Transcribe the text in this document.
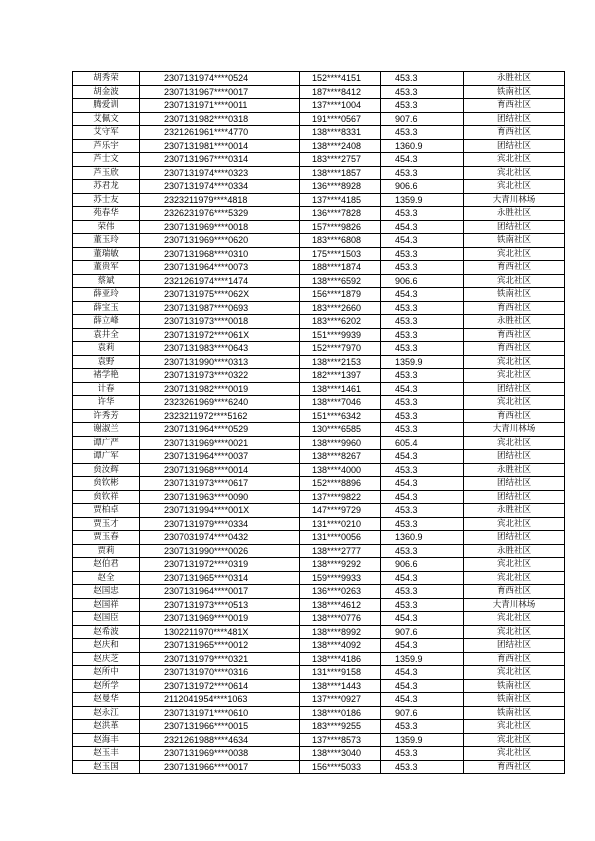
胡秀荣	2307131974****0524	152****4151	453.3	永胜社区
胡金波	2307131967****0017	187****8412	453.3	铁南社区
腾爱训	2307131971****0011	137****1004	453.3	育西社区
艾佩文	2307131982****0318	191****0567	907.6	团结社区
艾守军	2321261961****4770	138****8331	453.3	育西社区
芦乐宇	2307131981****0014	138****2408	1360.9	团结社区
芦士文	2307131967****0314	183****2757	454.3	宾北社区
芦玉欣	2307131974****0323	138****1857	453.3	宾北社区
苏君龙	2307131974****0334	136****8928	906.6	宾北社区
苏士友	2323211979****4818	137****4185	1359.9	大青川林场
苑春华	2326231976****5329	136****7828	453.3	永胜社区
荣伟	2307131969****0018	157****9826	454.3	团结社区
董玉玲	2307131969****0620	183****6808	454.3	铁南社区
董瑞敏	2307131968****0310	175****1503	453.3	宾北社区
董贵军	2307131964****0073	188****1874	453.3	育西社区
蔡斌	2321261974****1474	138****6592	906.6	宾北社区
薛亚玲	2307131975****062X	156****1879	454.3	铁南社区
薛宝玉	2307131987****0693	183****2660	453.3	育西社区
薛立峰	2307131973****0018	183****6202	453.3	永胜社区
袁井全	2307131972****061X	151****9939	453.3	育西社区
袁莉	2307131983****0643	152****7970	453.3	育西社区
袁野	2307131990****0313	138****2153	1359.9	宾北社区
褚学艳	2307131973****0322	182****1397	453.3	宾北社区
计春	2307131982****0019	138****1461	454.3	团结社区
许华	2323261969****6240	138****7046	453.3	宾北社区
许秀芳	2323211972****5162	151****6342	453.3	育西社区
谢淑兰	2307131964****0529	130****6585	453.3	大青川林场
谭广严	2307131969****0021	138****9960	605.4	宾北社区
谭广军	2307131964****0037	138****8267	454.3	团结社区
贠汝辉	2307131968****0014	138****4000	453.3	永胜社区
贠钦彬	2307131973****0617	152****8896	454.3	团结社区
贠钦祥	2307131963****0090	137****9822	454.3	团结社区
贾柏卓	2307131994****001X	147****9729	453.3	永胜社区
贾玉才	2307131979****0334	131****0210	453.3	宾北社区
贾玉春	2307031974****0432	131****0056	1360.9	团结社区
贾莉	2307131990****0026	138****2777	453.3	永胜社区
赵伯君	2307131972****0319	138****9292	906.6	宾北社区
赵全	2307131965****0314	159****9933	454.3	宾北社区
赵国忠	2307131964****0017	136****0263	453.3	育西社区
赵国祥	2307131973****0513	138****4612	453.3	大青川林场
赵国臣	2307131969****0019	138****0776	454.3	宾北社区
赵希波	1302211970****481X	138****8992	907.6	宾北社区
赵庆和	2307131965****0012	138****4092	454.3	团结社区
赵庆芝	2307131979****0321	138****4186	1359.9	育西社区
赵所中	2307131970****0316	131****9158	454.3	宾北社区
赵所学	2307131972****0614	138****1443	454.3	铁南社区
赵曼华	2112041954****1063	137****0927	454.3	铁南社区
赵永江	2307131971****0610	138****0186	907.6	铁南社区
赵洪革	2307131966****0015	183****9255	453.3	宾北社区
赵海丰	2321261988****4634	137****8573	1359.9	宾北社区
赵玉丰	2307131969****0038	138****3040	453.3	宾北社区
赵玉国	2307131966****0017	156****5033	453.3	育西社区
